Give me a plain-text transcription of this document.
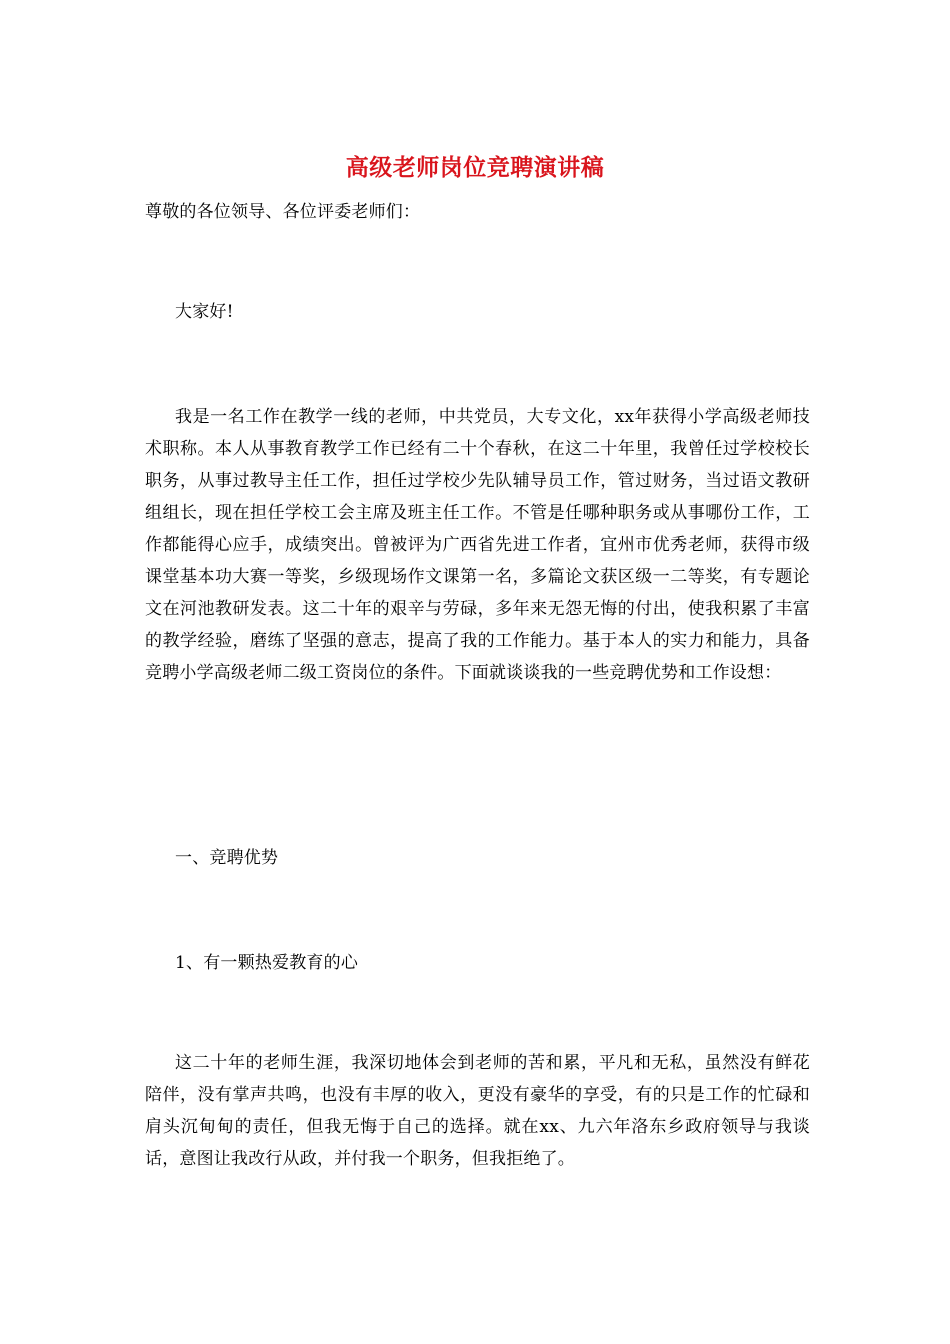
高级老师岗位竞聘演讲稿
尊敬的各位领导、各位评委老师们：
大家好!
我是一名工作在教学一线的老师，中共党员，大专文化，xx年获得小学高级老师技术职称。本人从事教育教学工作已经有二十个春秋，在这二十年里，我曾任过学校校长职务，从事过教导主任工作，担任过学校少先队辅导员工作，管过财务，当过语文教研组组长，现在担任学校工会主席及班主任工作。不管是任哪种职务或从事哪份工作，工作都能得心应手，成绩突出。曾被评为广西省先进工作者，宜州市优秀老师，获得市级课堂基本功大赛一等奖，乡级现场作文课第一名，多篇论文获区级一二等奖，有专题论文在河池教研发表。这二十年的艰辛与劳碌，多年来无怨无悔的付出，使我积累了丰富的教学经验，磨练了坚强的意志，提高了我的工作能力。基于本人的实力和能力，具备竞聘小学高级老师二级工资岗位的条件。下面就谈谈我的一些竞聘优势和工作设想：
一、竞聘优势
1、有一颗热爱教育的心
这二十年的老师生涯，我深切地体会到老师的苦和累，平凡和无私，虽然没有鲜花陪伴，没有掌声共鸣，也没有丰厚的收入，更没有豪华的享受，有的只是工作的忙碌和肩头沉甸甸的责任，但我无悔于自己的选择。就在xx、九六年洛东乡政府领导与我谈话，意图让我改行从政，并付我一个职务，但我拒绝了。
